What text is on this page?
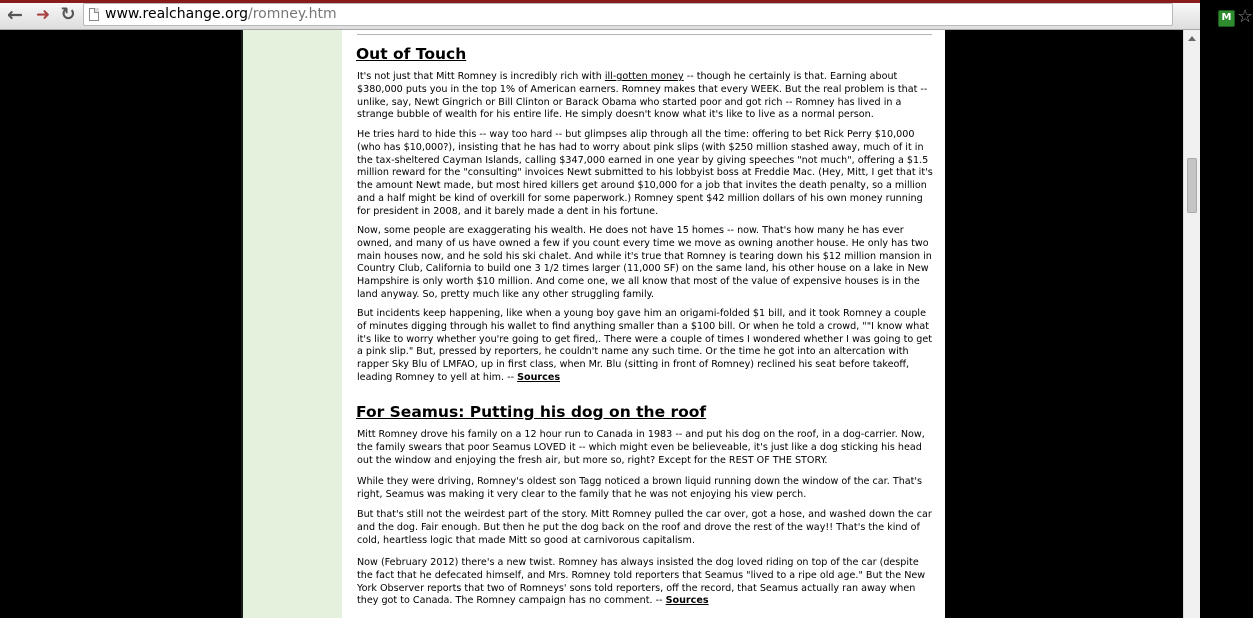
← ➜ ↻ www.realchange.org/romney.htm	M ☆
Out of Touch

It's not just that Mitt Romney is incredibly rich with ill-gotten money -- though he certainly is that. Earning about $380,000 puts you in the top 1% of American earners. Romney makes that every WEEK. But the real problem is that -- unlike, say, Newt Gingrich or Bill Clinton or Barack Obama who started poor and got rich -- Romney has lived in a strange bubble of wealth for his entire life. He simply doesn't know what it's like to live as a normal person.

He tries hard to hide this -- way too hard -- but glimpses alip through all the time: offering to bet Rick Perry $10,000 (who has $10,000?), insisting that he has had to worry about pink slips (with $250 million stashed away, much of it in the tax-sheltered Cayman Islands, calling $347,000 earned in one year by giving speeches "not much", offering a $1.5 million reward for the "consulting" invoices Newt submitted to his lobbyist boss at Freddie Mac. (Hey, Mitt, I get that it's the amount Newt made, but most hired killers get around $10,000 for a job that invites the death penalty, so a million and a half might be kind of overkill for some paperwork.) Romney spent $42 million dollars of his own money running for president in 2008, and it barely made a dent in his fortune.

Now, some people are exaggerating his wealth. He does not have 15 homes -- now. That's how many he has ever owned, and many of us have owned a few if you count every time we move as owning another house. He only has two main houses now, and he sold his ski chalet. And while it's true that Romney is tearing down his $12 million mansion in Country Club, California to build one 3 1/2 times larger (11,000 SF) on the same land, his other house on a lake in New Hampshire is only worth $10 million. And come one, we all know that most of the value of expensive houses is in the land anyway. So, pretty much like any other struggling family.

But incidents keep happening, like when a young boy gave him an origami-folded $1 bill, and it took Romney a couple of minutes digging through his wallet to find anything smaller than a $100 bill. Or when he told a crowd, ""I know what it's like to worry whether you're going to get fired,. There were a couple of times I wondered whether I was going to get a pink slip." But, pressed by reporters, he couldn't name any such time. Or the time he got into an altercation with rapper Sky Blu of LMFAO, up in first class, when Mr. Blu (sitting in front of Romney) reclined his seat before takeoff, leading Romney to yell at him. -- Sources

For Seamus: Putting his dog on the roof

Mitt Romney drove his family on a 12 hour run to Canada in 1983 -- and put his dog on the roof, in a dog-carrier. Now, the family swears that poor Seamus LOVED it -- which might even be believeable, it's just like a dog sticking his head out the window and enjoying the fresh air, but more so, right? Except for the REST OF THE STORY.

While they were driving, Romney's oldest son Tagg noticed a brown liquid running down the window of the car. That's right, Seamus was making it very clear to the family that he was not enjoying his view perch.

But that's still not the weirdest part of the story. Mitt Romney pulled the car over, got a hose, and washed down the car and the dog. Fair enough. But then he put the dog back on the roof and drove the rest of the way!! That's the kind of cold, heartless logic that made Mitt so good at carnivorous capitalism.

Now (February 2012) there's a new twist. Romney has always insisted the dog loved riding on top of the car (despite the fact that he defecated himself, and Mrs. Romney told reporters that Seamus "lived to a ripe old age." But the New York Observer reports that two of Romneys' sons told reporters, off the record, that Seamus actually ran away when they got to Canada. The Romney campaign has no comment. -- Sources
